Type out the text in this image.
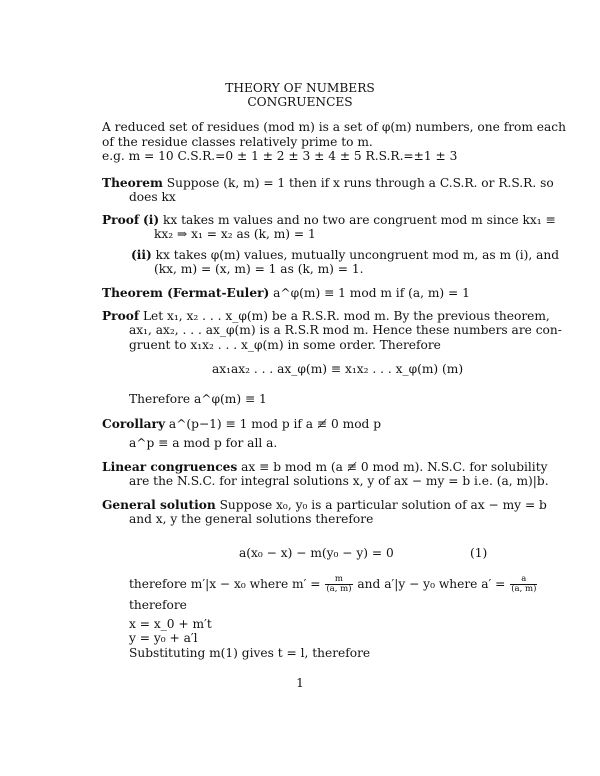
THEORY OF NUMBERS
CONGRUENCES
A reduced set of residues (mod m) is a set of φ(m) numbers, one from each
of the residue classes relatively prime to m.
e.g. m = 10 C.S.R.=0 ± 1 ± 2 ± 3 ± 4 ± 5 R.S.R.=±1 ± 3
Theorem Suppose (k, m) = 1 then if x runs through a C.S.R. or R.S.R. so
does kx
Proof (i) kx takes m values and no two are congruent mod m since kx₁ ≡
kx₂ ⇒ x₁ = x₂ as (k, m) = 1
(ii) kx takes φ(m) values, mutually uncongruent mod m, as m (i), and
(kx, m) = (x, m) = 1 as (k, m) = 1.
Theorem (Fermat-Euler) a^φ(m) ≡ 1 mod m if (a, m) = 1
Proof Let x₁, x₂ . . . x_φ(m) be a R.S.R. mod m. By the previous theorem,
ax₁, ax₂, . . . ax_φ(m) is a R.S.R mod m. Hence these numbers are con-
gruent to x₁x₂ . . . x_φ(m) in some order. Therefore
ax₁ax₂ . . . ax_φ(m) ≡ x₁x₂ . . . x_φ(m) (m)
Therefore a^φ(m) ≡ 1
Corollary a^(p−1) ≡ 1 mod p if a ≢ 0 mod p
a^p ≡ a mod p for all a.
Linear congruences ax ≡ b mod m (a ≢ 0 mod m). N.S.C. for solubility
are the N.S.C. for integral solutions x, y of ax − my = b i.e. (a, m)|b.
General solution Suppose x₀, y₀ is a particular solution of ax − my = b
and x, y the general solutions therefore
a(x₀ − x) − m(y₀ − y) = 0	(1)
therefore m′|x − x₀ where $m' = \frac{m}{(a, m)}$ and a′|y − y₀ where $a' = \frac{a}{(a, m)}$
therefore
x = x_0 + m′t
y = y₀ + a′l
Substituting m(1) gives t = l, therefore
1
